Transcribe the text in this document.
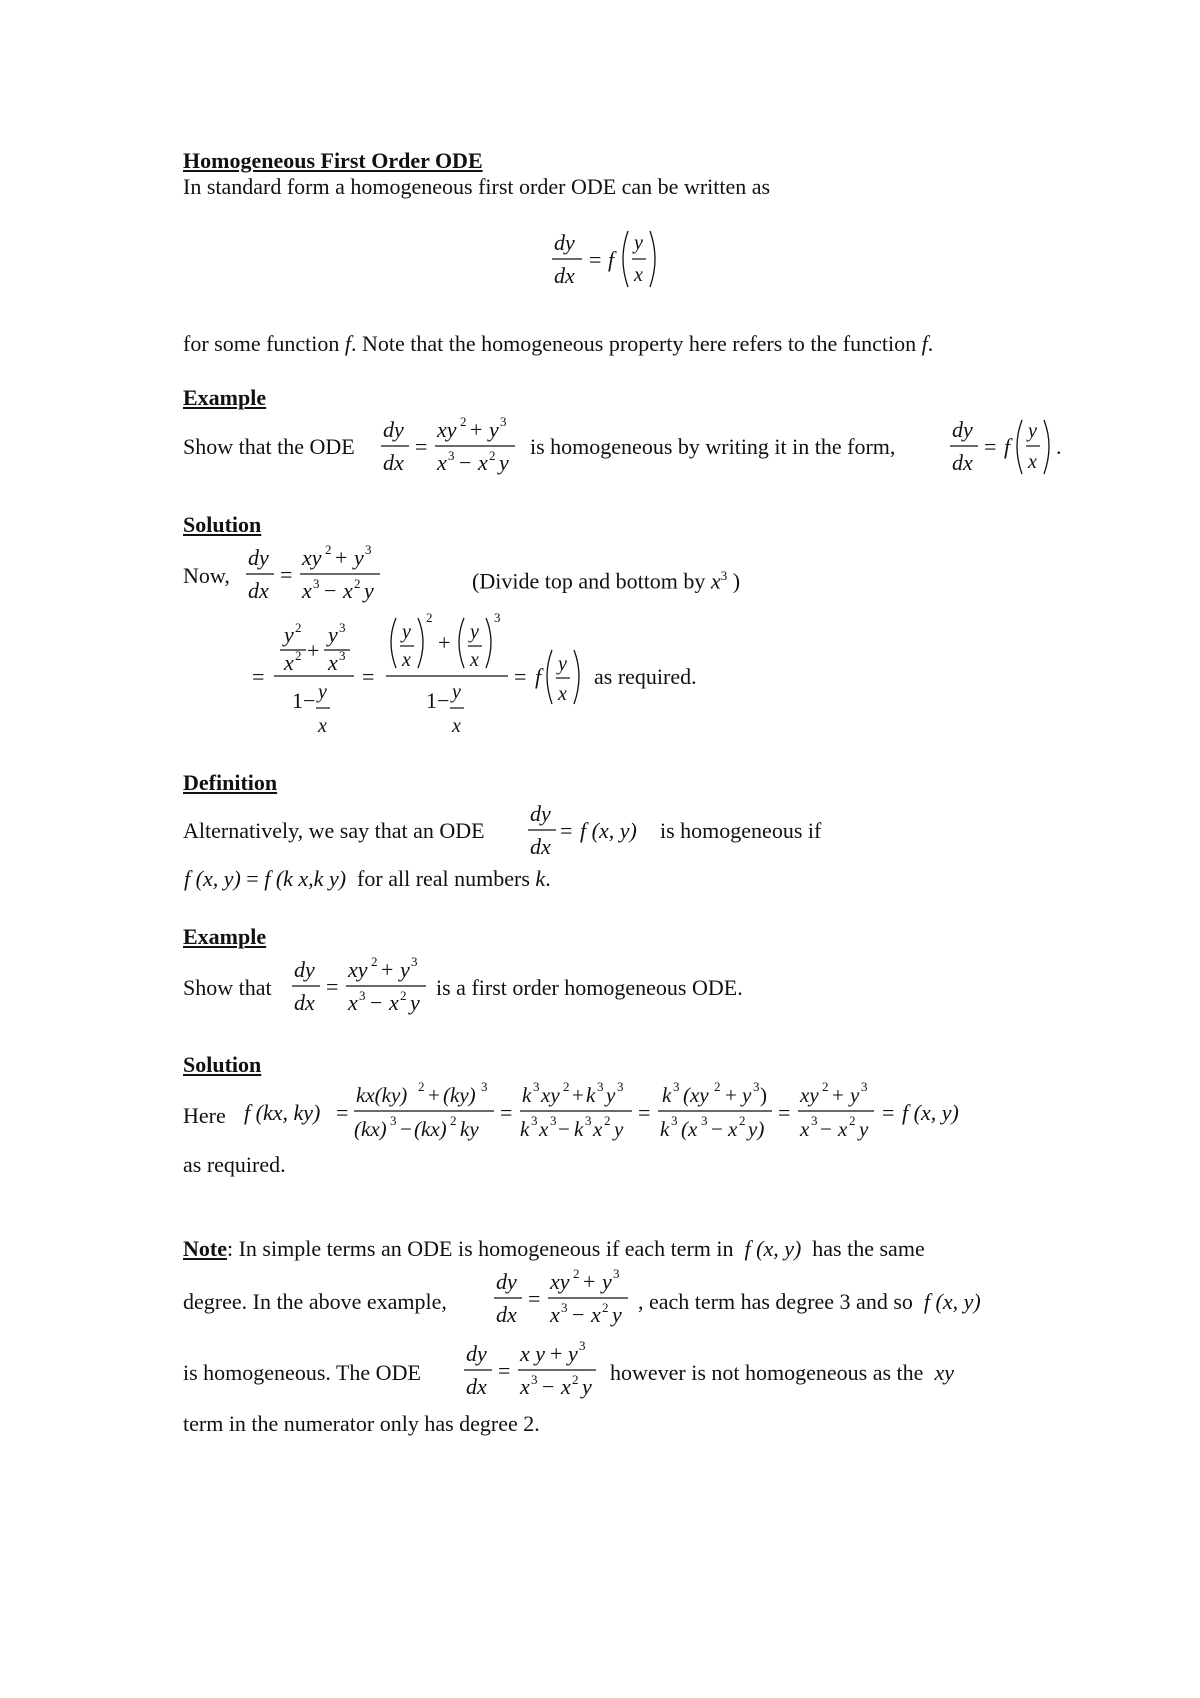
Homogeneous First Order ODE
In standard form a homogeneous first order ODE can be written as
dy
dx
= f
y
x
for some function f. Note that the homogeneous property here refers to the function f.
Example
Show that the ODE
dy
dx
=
xy 2 + y 3
x 3 − x 2 y
is homogeneous by writing it in the form,
dy
dx
= f
y
x
.
Solution
Now,
dy
dx
=
xy 2 + y 3
x 3 − x 2 y	(Divide top and bottom by $x^3$ )
=
y 2
x 2 +
y 3
x 3
1− y
x
=
y
x
2
+ y
x
3
1− y
x
= f y
x
as required.
Definition
Alternatively, we say that an ODE
dy
dx
= f (x, y) is homogeneous if
f (x, y) = f (k x,k y) for all real numbers k.
Example
Show that
dy
dx
=
xy 2 + y 3
x 3 − x 2 y
is a first order homogeneous ODE.
Solution
Here f (kx, ky) =
kx(ky) 2 + (ky) 3
(kx) 3 − (kx) 2 ky
=
k 3 xy 2 + k 3 y 3
k 3 x 3 − k 3 x 2 y
=
k 3 (xy 2 + y 3 )
k 3 (x 3 − x 2 y)
=
xy 2 + y 3
x 3 − x 2 y
= f (x, y)
as required.
Note: In simple terms an ODE is homogeneous if each term in f (x, y) has the same
degree. In the above example,
dy
dx
=
xy 2 + y 3
x 3 − x 2 y
, each term has degree 3 and so f (x, y)
is homogeneous. The ODE
dy
dx
=
x y + y 3
x 3 − x 2 y
however is not homogeneous as the xy
term in the numerator only has degree 2.
